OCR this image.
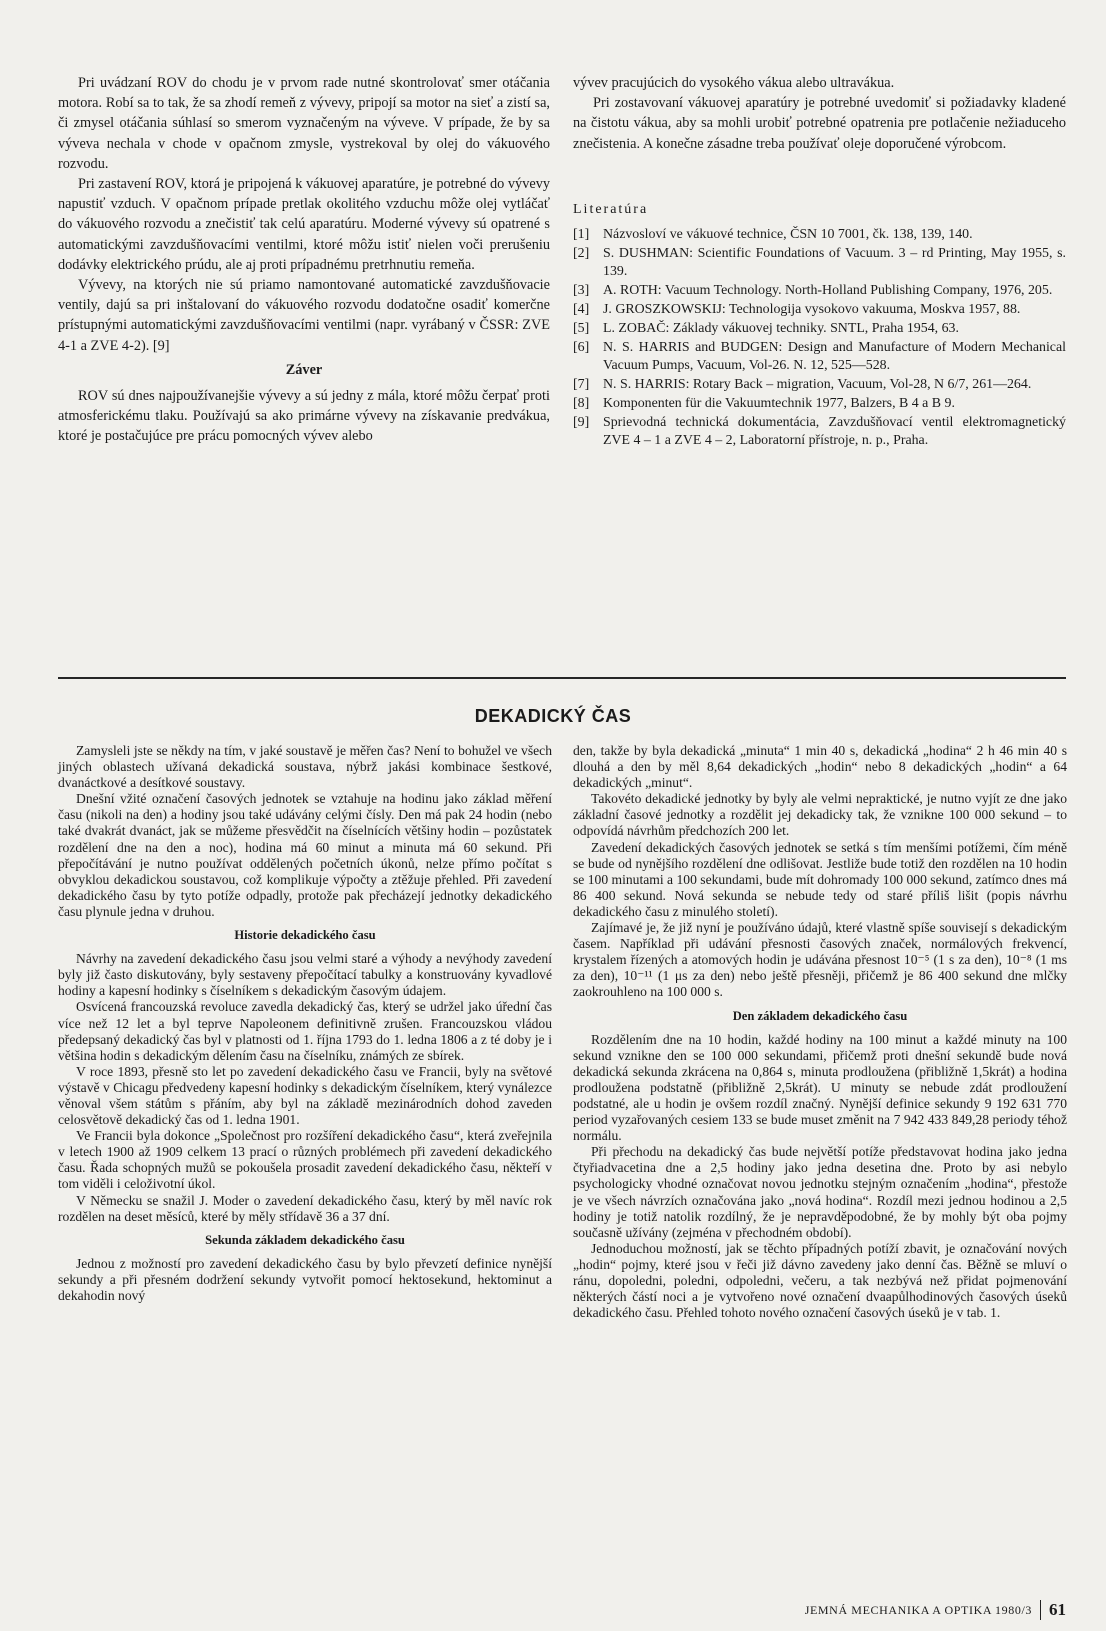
Pri uvádzaní ROV do chodu je v prvom rade nutné skontrolovať smer otáčania motora. Robí sa to tak, že sa zhodí remeň z vývevy, pripojí sa motor na sieť a zistí sa, či zmysel otáčania súhlasí so smerom vyznačeným na výveve. V prípade, že by sa výveva nechala v chode v opačnom zmysle, vystrekoval by olej do vákuového rozvodu.

Pri zastavení ROV, ktorá je pripojená k vákuovej aparatúre, je potrebné do vývevy napustiť vzduch. V opačnom prípade pretlak okolitého vzduchu môže olej vytláčať do vákuového rozvodu a znečistiť tak celú aparatúru. Moderné vývevy sú opatrené s automatickými zavzdušňovacími ventilmi, ktoré môžu istiť nielen voči prerušeniu dodávky elektrického prúdu, ale aj proti prípadnému pretrhnutiu remeňa.

Vývevy, na ktorých nie sú priamo namontované automatické zavzdušňovacie ventily, dajú sa pri inštalovaní do vákuového rozvodu dodatočne osadiť komerčne prístupnými automatickými zavzdušňovacími ventilmi (napr. vyrábaný v ČSSR: ZVE 4-1 a ZVE 4-2). [9]

Záver

ROV sú dnes najpoužívanejšie vývevy a sú jedny z mála, ktoré môžu čerpať proti atmosferickému tlaku. Používajú sa ako primárne vývevy na získavanie predvákua, ktoré je postačujúce pre prácu pomocných vývev alebo

vývev pracujúcich do vysokého vákua alebo ultravákua.

Pri zostavovaní vákuovej aparatúry je potrebné uvedomiť si požiadavky kladené na čistotu vákua, aby sa mohli urobiť potrebné opatrenia pre potlačenie nežiaduceho znečistenia. A konečne zásadne treba používať oleje doporučené výrobcom.

Literatúra
[1] Názvosloví ve vákuové technice, ČSN 10 7001, čk. 138, 139, 140.
[2] S. DUSHMAN: Scientific Foundations of Vacuum. 3 – rd Printing, May 1955, s. 139.
[3] A. ROTH: Vacuum Technology. North-Holland Publishing Company, 1976, 205.
[4] J. GROSZKOWSKIJ: Technologija vysokovo vakuuma, Moskva 1957, 88.
[5] L. ZOBAČ: Základy vákuovej techniky. SNTL, Praha 1954, 63.
[6] N. S. HARRIS and BUDGEN: Design and Manufacture of Modern Mechanical Vacuum Pumps, Vacuum, Vol-26. N. 12, 525—528.
[7] N. S. HARRIS: Rotary Back – migration, Vacuum, Vol-28, N 6/7, 261—264.
[8] Komponenten für die Vakuumtechnik 1977, Balzers, B 4 a B 9.
[9] Sprievodná technická dokumentácia, Zavzdušňovací ventil elektromagnetický ZVE 4 – 1 a ZVE 4 – 2, Laboratorní přístroje, n. p., Praha.
DEKADICKÝ ČAS

Zamysleli jste se někdy na tím, v jaké soustavě je měřen čas? Není to bohužel ve všech jiných oblastech užívaná dekadická soustava, nýbrž jakási kombinace šestkové, dvanáctkové a desítkové soustavy.

Dnešní vžité označení časových jednotek se vztahuje na hodinu jako základ měření času (nikoli na den) a hodiny jsou také udávány celými čísly. Den má pak 24 hodin (nebo také dvakrát dvanáct, jak se můžeme přesvědčit na číselnících většiny hodin – pozůstatek rozdělení dne na den a noc), hodina má 60 minut a minuta má 60 sekund. Při přepočítávání je nutno používat oddělených početních úkonů, nelze přímo počítat s obvyklou dekadickou soustavou, což komplikuje výpočty a ztěžuje přehled. Při zavedení dekadického času by tyto potíže odpadly, protože pak přecházejí jednotky dekadického času plynule jedna v druhou.

Historie dekadického času

Návrhy na zavedení dekadického času jsou velmi staré a výhody a nevýhody zavedení byly již často diskutovány, byly sestaveny přepočítací tabulky a konstruovány kyvadlové hodiny a kapesní hodinky s číselníkem s dekadickým časovým údajem.

Osvícená francouzská revoluce zavedla dekadický čas, který se udržel jako úřední čas více než 12 let a byl teprve Napoleonem definitivně zrušen. Francouzskou vládou předepsaný dekadický čas byl v platnosti od 1. října 1793 do 1. ledna 1806 a z té doby je i většina hodin s dekadickým dělením času na číselníku, známých ze sbírek.

V roce 1893, přesně sto let po zavedení dekadického času ve Francii, byly na světové výstavě v Chicagu předvedeny kapesní hodinky s dekadickým číselníkem, který vynálezce věnoval všem státům s přáním, aby byl na základě mezinárodních dohod zaveden celosvětově dekadický čas od 1. ledna 1901.

Ve Francii byla dokonce „Společnost pro rozšíření dekadického času“, která zveřejnila v letech 1900 až 1909 celkem 13 prací o různých problémech při zavedení dekadického času. Řada schopných mužů se pokoušela prosadit zavedení dekadického času, někteří v tom viděli i celoživotní úkol.

V Německu se snažil J. Moder o zavedení dekadického času, který by měl navíc rok rozdělen na deset měsíců, které by měly střídavě 36 a 37 dní.

Sekunda základem dekadického času

Jednou z možností pro zavedení dekadického času by bylo převzetí definice nynější sekundy a při přesném dodržení sekundy vytvořit pomocí hektosekund, hektominut a dekahodin nový

den, takže by byla dekadická „minuta“ 1 min 40 s, dekadická „hodina“ 2 h 46 min 40 s dlouhá a den by měl 8,64 dekadických „hodin“ nebo 8 dekadických „hodin“ a 64 dekadických „minut“.

Takovéto dekadické jednotky by byly ale velmi nepraktické, je nutno vyjít ze dne jako základní časové jednotky a rozdělit jej dekadicky tak, že vznikne 100 000 sekund – to odpovídá návrhům předchozích 200 let.

Zavedení dekadických časových jednotek se setká s tím menšími potížemi, čím méně se bude od nynějšího rozdělení dne odlišovat. Jestliže bude totiž den rozdělen na 10 hodin se 100 minutami a 100 sekundami, bude mít dohromady 100 000 sekund, zatímco dnes má 86 400 sekund. Nová sekunda se nebude tedy od staré příliš lišit (popis návrhu dekadického času z minulého století).

Zajímavé je, že již nyní je používáno údajů, které vlastně spíše souvisejí s dekadickým časem. Například při udávání přesnosti časových značek, normálových frekvencí, krystalem řízených a atomových hodin je udávána přesnost 10⁻⁵ (1 s za den), 10⁻⁸ (1 ms za den), 10⁻¹¹ (1 μs za den) nebo ještě přesněji, přičemž je 86 400 sekund dne mlčky zaokrouhleno na 100 000 s.

Den základem dekadického času

Rozdělením dne na 10 hodin, každé hodiny na 100 minut a každé minuty na 100 sekund vznikne den se 100 000 sekundami, přičemž proti dnešní sekundě bude nová dekadická sekunda zkrácena na 0,864 s, minuta prodloužena (přibližně 1,5krát) a hodina prodloužena podstatně (přibližně 2,5krát). U minuty se nebude zdát prodloužení podstatné, ale u hodin je ovšem rozdíl značný. Nynější definice sekundy 9 192 631 770 period vyzařovaných cesiem 133 se bude muset změnit na 7 942 433 849,28 periody téhož normálu.

Při přechodu na dekadický čas bude největší potíže představovat hodina jako jedna čtyřiadvacetina dne a 2,5 hodiny jako jedna desetina dne. Proto by asi nebylo psychologicky vhodné označovat novou jednotku stejným označením „hodina“, přestože je ve všech návrzích označována jako „nová hodina“. Rozdíl mezi jednou hodinou a 2,5 hodiny je totiž natolik rozdílný, že je nepravděpodobné, že by mohly být oba pojmy současně užívány (zejména v přechodném období).

Jednoduchou možností, jak se těchto případných potíží zbavit, je označování nových „hodin“ pojmy, které jsou v řeči již dávno zavedeny jako denní čas. Běžně se mluví o ránu, dopoledni, poledni, odpoledni, večeru, a tak nezbývá než přidat pojmenování některých částí noci a je vytvořeno nové označení dvaapůlhodinových časových úseků dekadického času. Přehled tohoto nového označení časových úseků je v tab. 1.

JEMNÁ MECHANIKA A OPTIKA 1980/3 61
